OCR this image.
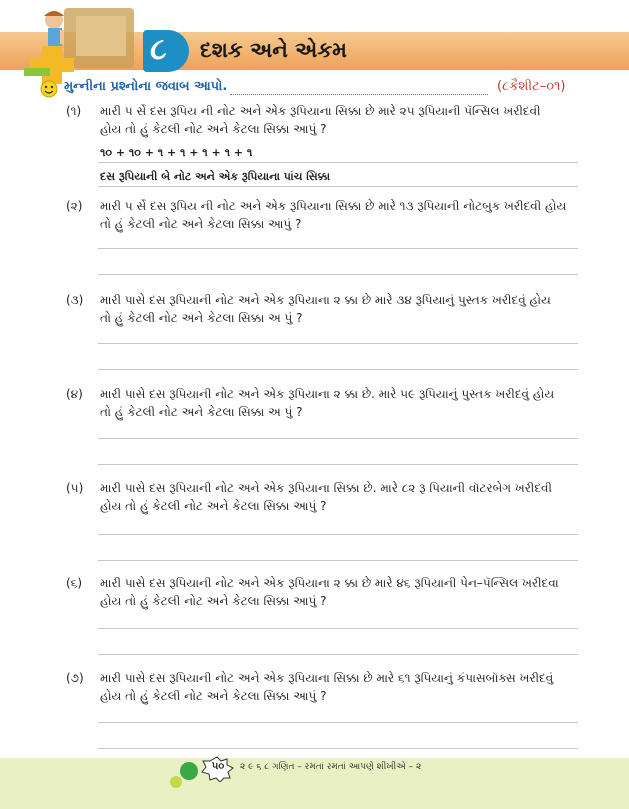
૮ દશક અને એકમ
મુન્નીના પ્રશ્નોના જવાબ આપો.	(૮કૈશીટ–૦૧)
(૧) મારી પ ર્સે દસ રૂપિય ની નોટ અને એક રૂપિયાના સિક્કા છે મારે ૨૫ રૂપિયાની પૅન્સિલ ખરીદવી
હોય તો હું કેટલી નોટ અને કેટલા સિક્કા આપું ?
૧૦ + ૧૦ + ૧ + ૧ + ૧ + ૧ + ૧
દસ રૂપિયાની બે નોટ અને એક રૂપિયાના પાંચ સિક્કા
(૨) મારી પ ર્સે દસ રૂપિય ની નોટ અને એક રૂપિયાના સિક્કા છે મારે ૧૩ રૂપિયાની નોટબુક ખરીદવી હોય
તો હું કેટલી નોટ અને કેટલા સિક્કા આપું ?
(૩) મારી પાસે દસ રૂપિયાની નોટ અને એક રૂપિયાના ૨ ક્કા છે મારે ૩૪ રૂપિયાનું પુસ્તક ખરીદવું હોય
તો હું કેટલી નોટ અને કેટલા સિક્કા અ પું ?
(૪) મારી પાસે દસ રૂપિયાની નોટ અને એક રૂપિયાના ૨ ક્કા છે. મારે ૫૯ રૂપિયાનું પુસ્તક ખરીદવું હોય
તો હું કેટલી નોટ અને કેટલા સિક્કા અ પું ?
(૫) મારી પાસે દસ રૂપિયાની નોટ અને એક રૂપિયાના સિક્કા છે. મારે ૮૨ રૂ પિયાની વૉટરબેગ ખરીદવી
હોય તો હું કેટલી નોટ અને કેટલા સિક્કા આપું ?
(૬) મારી પાસે દસ રૂપિયાની નોટ અને એક રૂપિયાના ૨ ક્કા છે મારે ૪૬ રૂપિયાની પેન–પૅન્સિલ ખરીદવા
હોય તો હું કેટલી નોટ અને કેટલા સિક્કા આપું ?
(૭) મારી પાસે દસ રૂપિયાની નોટ અને એક રૂપિયાના સિક્કા છે મારે ૬૧ રૂપિયાનું કંપાસબૉક્સ ખરીદવું
હોય તો હું કેટલી નોટ અને કેટલા સિક્કા આપું ?
૫૦	૨ ૯ ૬ ૮ ગણિત – રમતાં રમતાં આપણે શીખીએ – ૨
